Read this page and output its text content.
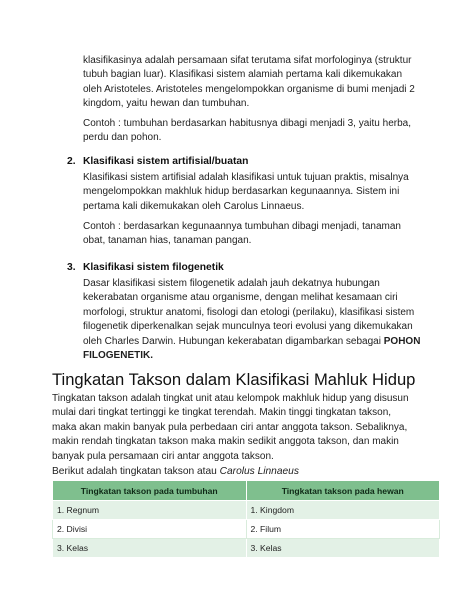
klasifikasinya adalah persamaan sifat terutama sifat morfologinya (struktur tubuh bagian luar). Klasifikasi sistem alamiah pertama kali dikemukakan oleh Aristoteles. Aristoteles mengelompokkan organisme di bumi menjadi 2 kingdom, yaitu hewan dan tumbuhan.

Contoh : tumbuhan berdasarkan habitusnya dibagi menjadi 3, yaitu herba, perdu dan pohon.

2. Klasifikasi sistem artifisial/buatan

Klasifikasi sistem artifisial adalah klasifikasi untuk tujuan praktis, misalnya mengelompokkan makhluk hidup berdasarkan kegunaannya. Sistem ini pertama kali dikemukakan oleh Carolus Linnaeus.

Contoh : berdasarkan kegunaannya tumbuhan dibagi menjadi, tanaman obat, tanaman hias, tanaman pangan.

3. Klasifikasi sistem filogenetik

Dasar klasifikasi sistem filogenetik adalah jauh dekatnya hubungan kekerabatan organisme atau organisme, dengan melihat kesamaan ciri morfologi, struktur anatomi, fisologi dan etologi (perilaku), klasifikasi sistem filogenetik diperkenalkan sejak munculnya teori evolusi yang dikemukakan oleh Charles Darwin. Hubungan kekerabatan digambarkan sebagai POHON FILOGENETIK.

Tingkatan Takson dalam Klasifikasi Mahluk Hidup

Tingkatan takson adalah tingkat unit atau kelompok makhluk hidup yang disusun mulai dari tingkat tertinggi ke tingkat terendah. Makin tinggi tingkatan takson, maka akan makin banyak pula perbedaan ciri antar anggota takson. Sebaliknya, makin rendah tingkatan takson maka makin sedikit anggota takson, dan makin banyak pula persamaan ciri antar anggota takson.

Berikut adalah tingkatan takson atau Carolus Linnaeus
Tingkatan takson pada tumbuhan	Tingkatan takson pada hewan
1. Regnum	1. Kingdom
2. Divisi	2. Filum
3. Kelas	3. Kelas
